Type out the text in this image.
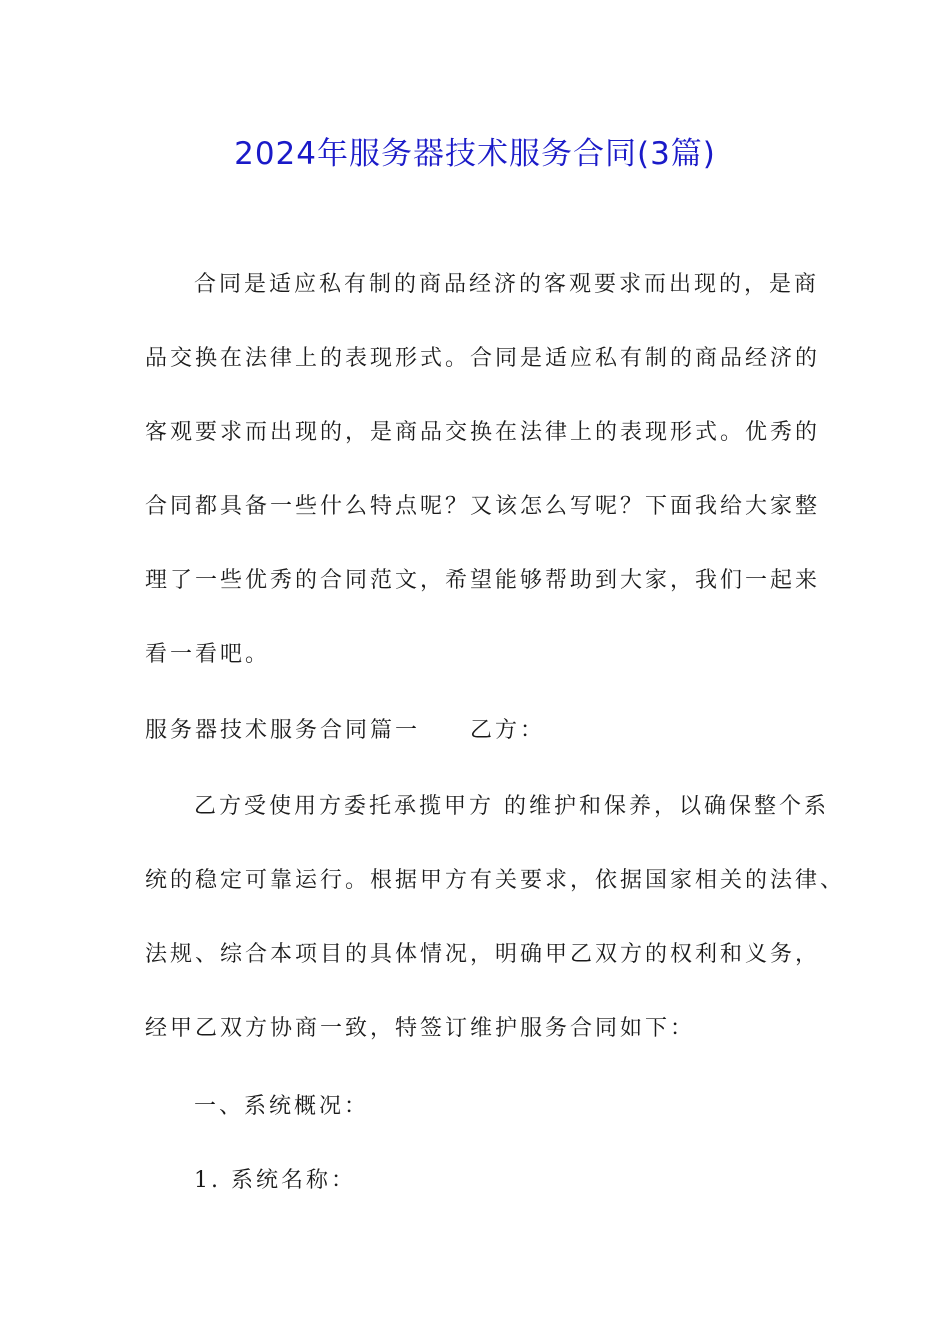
2024年服务器技术服务合同(3篇)
合同是适应私有制的商品经济的客观要求而出现的，是商
品交换在法律上的表现形式。合同是适应私有制的商品经济的
客观要求而出现的，是商品交换在法律上的表现形式。优秀的
合同都具备一些什么特点呢？又该怎么写呢？下面我给大家整
理了一些优秀的合同范文，希望能够帮助到大家，我们一起来
看一看吧。
服务器技术服务合同篇一　　乙方：
乙方受使用方委托承揽甲方 的维护和保养，以确保整个系
统的稳定可靠运行。根据甲方有关要求，依据国家相关的法律、
法规、综合本项目的具体情况，明确甲乙双方的权利和义务，
经甲乙双方协商一致，特签订维护服务合同如下：
一、系统概况：
1. 系统名称：
